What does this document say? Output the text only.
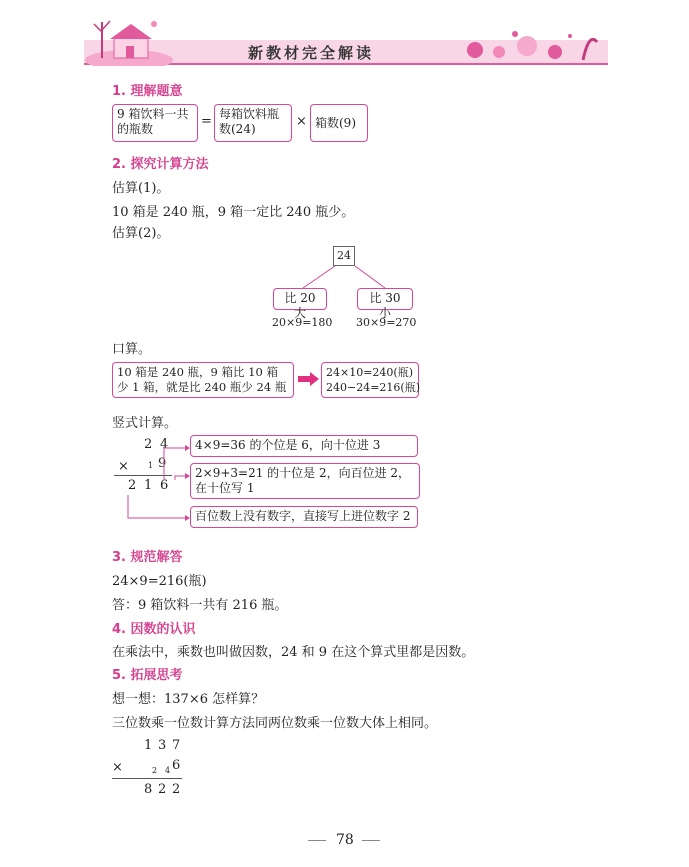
新教材完全解读
1. 理解题意
9 箱饮料一共的瓶数	= 每箱饮料瓶数(24)	× 箱数(9)
2. 探究计算方法
估算(1)。
10 箱是 240 瓶，9 箱一定比 240 瓶少。
估算(2)。
24
比 20 大
比 30 小
20×9=180 30×9=270
口算。
10 箱是 240 瓶，9 箱比 10 箱少 1 箱，就是比 240 瓶少 24 瓶
24×10=240(瓶)
240−24=216(瓶)
竖式计算。
2 4
× 1 9
2 1 6
4×9=36 的个位是 6，向十位进 3
2×9+3=21 的十位是 2，向百位进 2，在十位写 1
百位数上没有数字，直接写上进位数字 2
3. 规范解答
24×9=216(瓶)
答：9 箱饮料一共有 216 瓶。
4. 因数的认识
在乘法中，乘数也叫做因数，24 和 9 在这个算式里都是因数。
5. 拓展思考
想一想：137×6 怎样算？
三位数乘一位数计算方法同两位数乘一位数大体上相同。
1 3 7
×	2 4 6
8 2 2
78
